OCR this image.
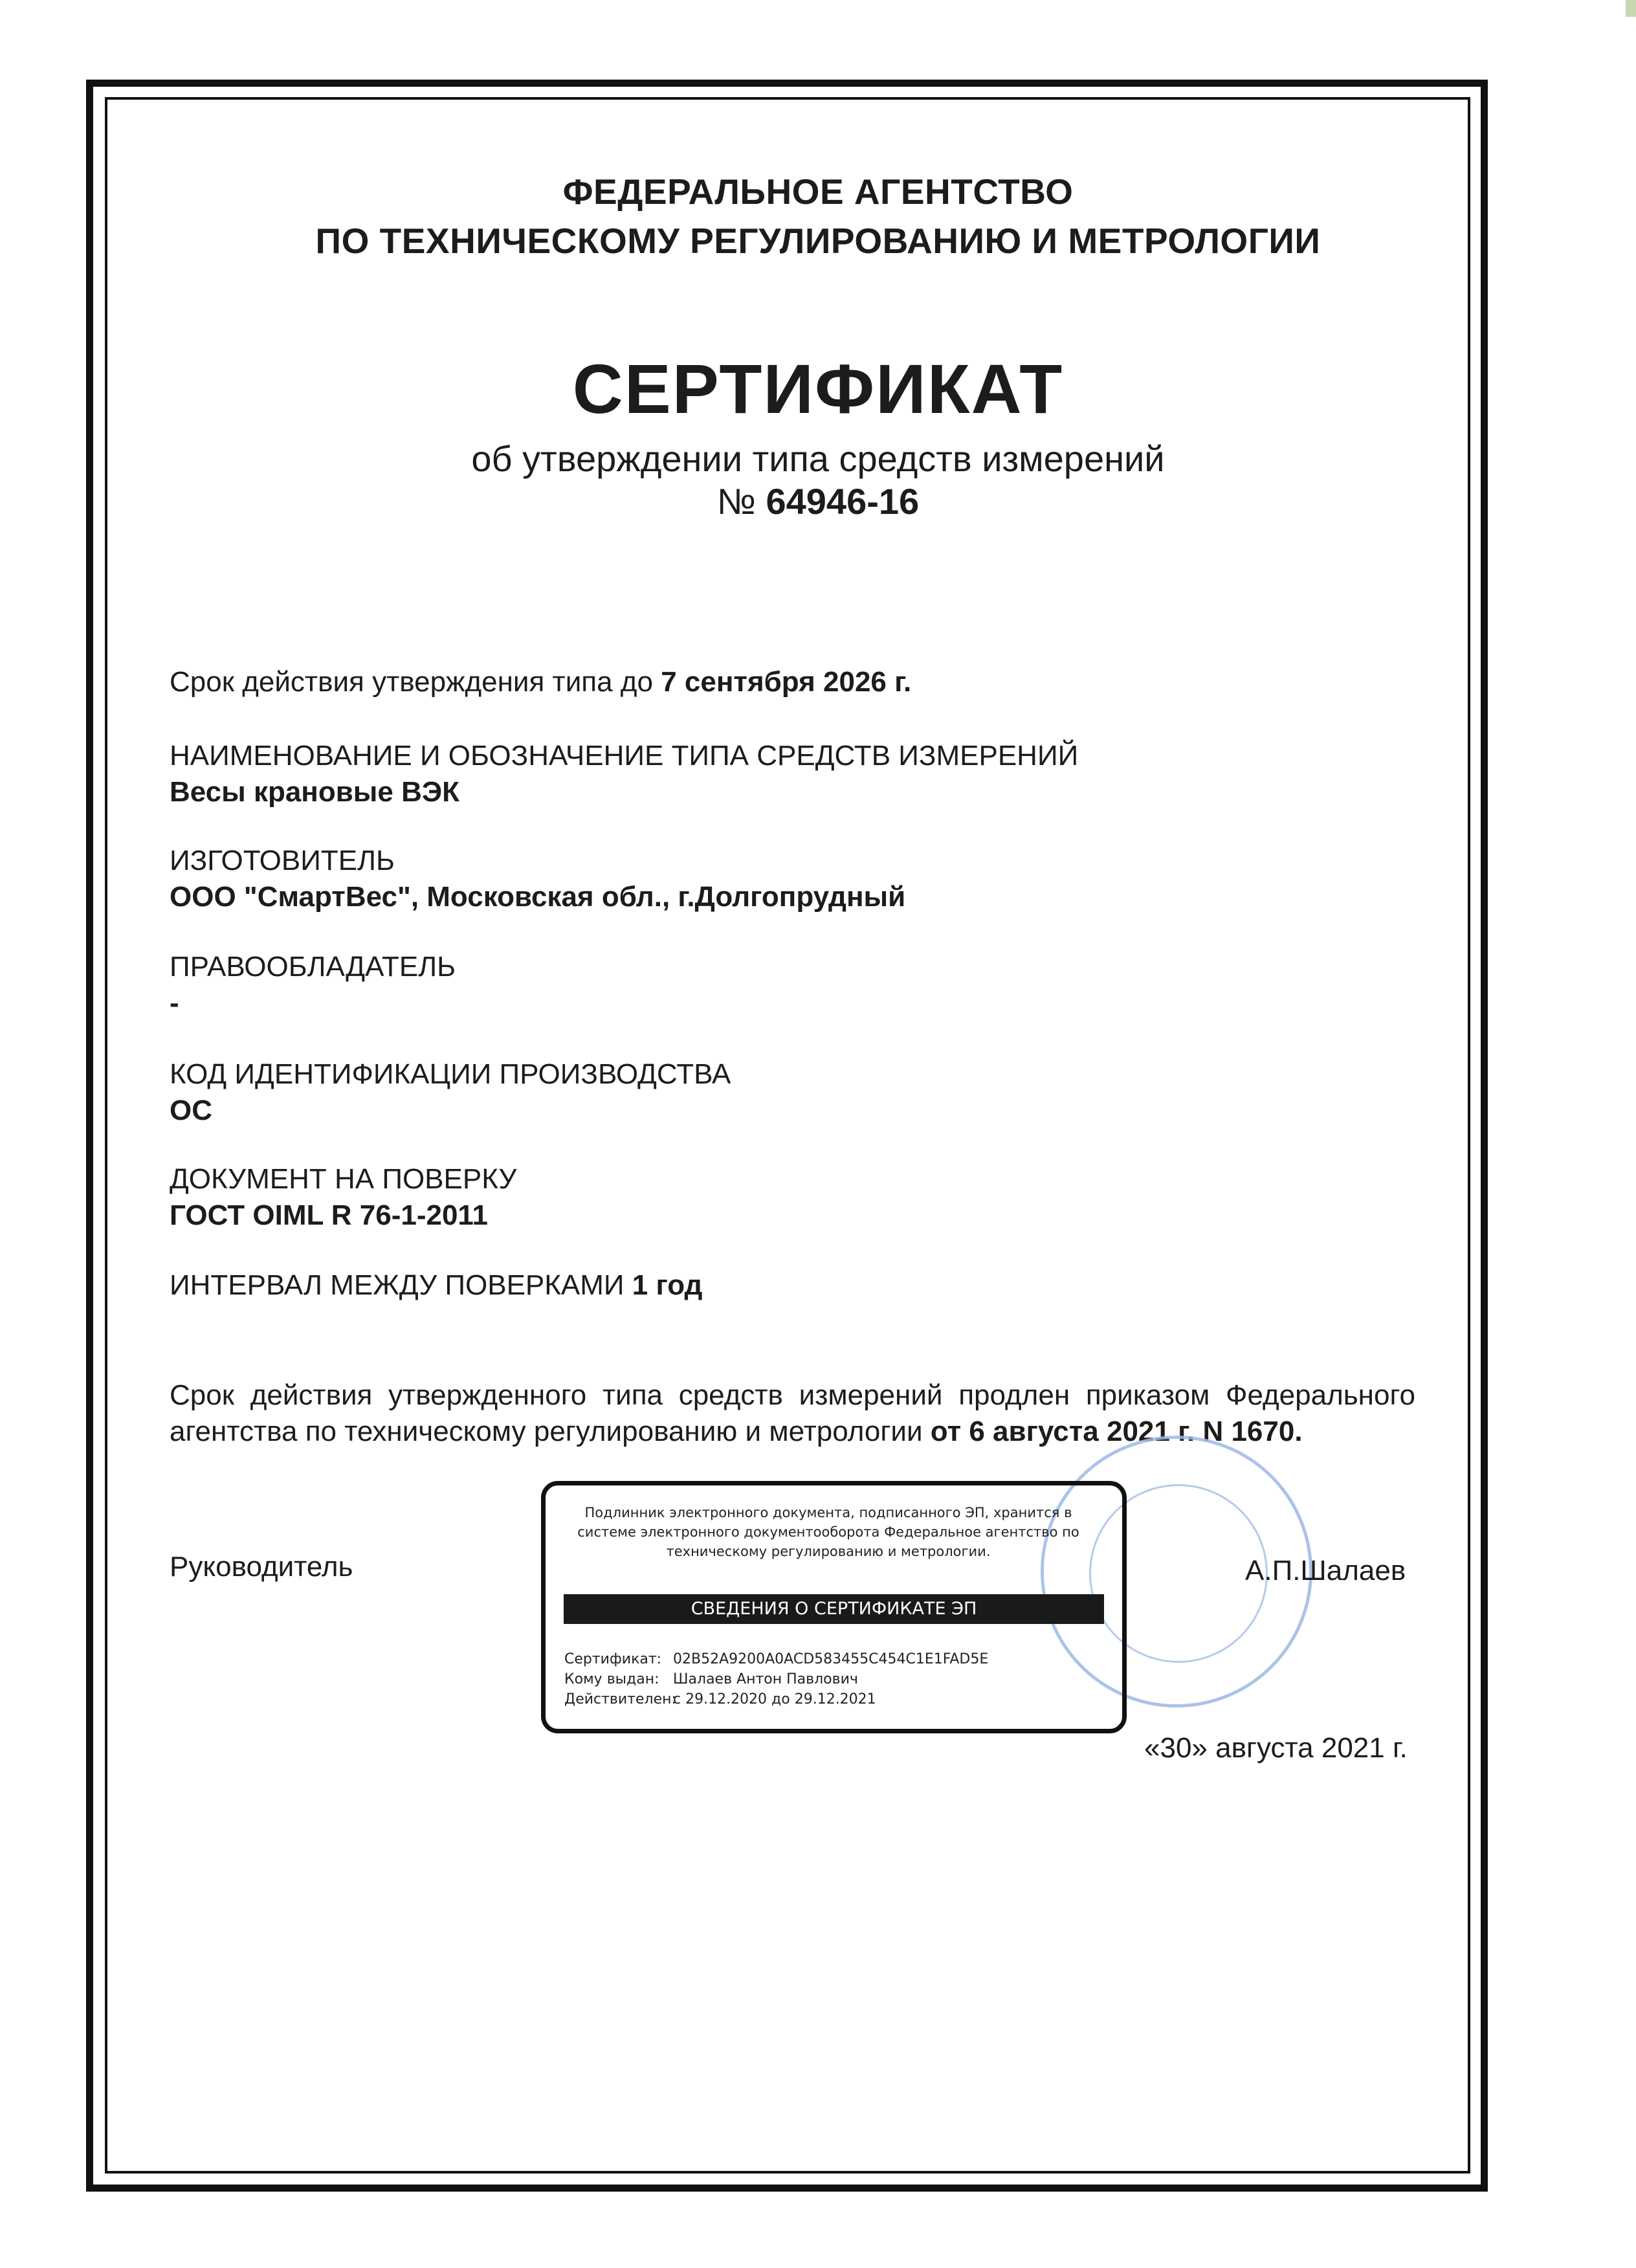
ФЕДЕРАЛЬНОЕ АГЕНТСТВО
ПО ТЕХНИЧЕСКОМУ РЕГУЛИРОВАНИЮ И МЕТРОЛОГИИ
СЕРТИФИКАТ
об утверждении типа средств измерений
№ 64946-16
Срок действия утверждения типа до 7 сентября 2026 г.
НАИМЕНОВАНИЕ И ОБОЗНАЧЕНИЕ ТИПА СРЕДСТВ ИЗМЕРЕНИЙ
Весы крановые ВЭК
ИЗГОТОВИТЕЛЬ
ООО "СмартВес", Московская обл., г.Долгопрудный
ПРАВООБЛАДАТЕЛЬ
-
КОД ИДЕНТИФИКАЦИИ ПРОИЗВОДСТВА
ОС
ДОКУМЕНТ НА ПОВЕРКУ
ГОСТ OIML R 76-1-2011
ИНТЕРВАЛ МЕЖДУ ПОВЕРКАМИ 1 год
Срок действия утвержденного типа средств измерений продлен приказом Федерального агентства по техническому регулированию и метрологии от 6 августа 2021 г. N 1670.
Подлинник электронного документа, подписанного ЭП, хранится в системе электронного документооборота Федеральное агентство по техническому регулированию и метрологии.
СВЕДЕНИЯ О СЕРТИФИКАТЕ ЭП
Сертификат: 02B52A9200A0ACD583455C454C1E1FAD5E
Кому выдан: Шалаев Антон Павлович
Действителен:с 29.12.2020 до 29.12.2021
Руководитель	А.П.Шалаев
«30» августа 2021 г.
